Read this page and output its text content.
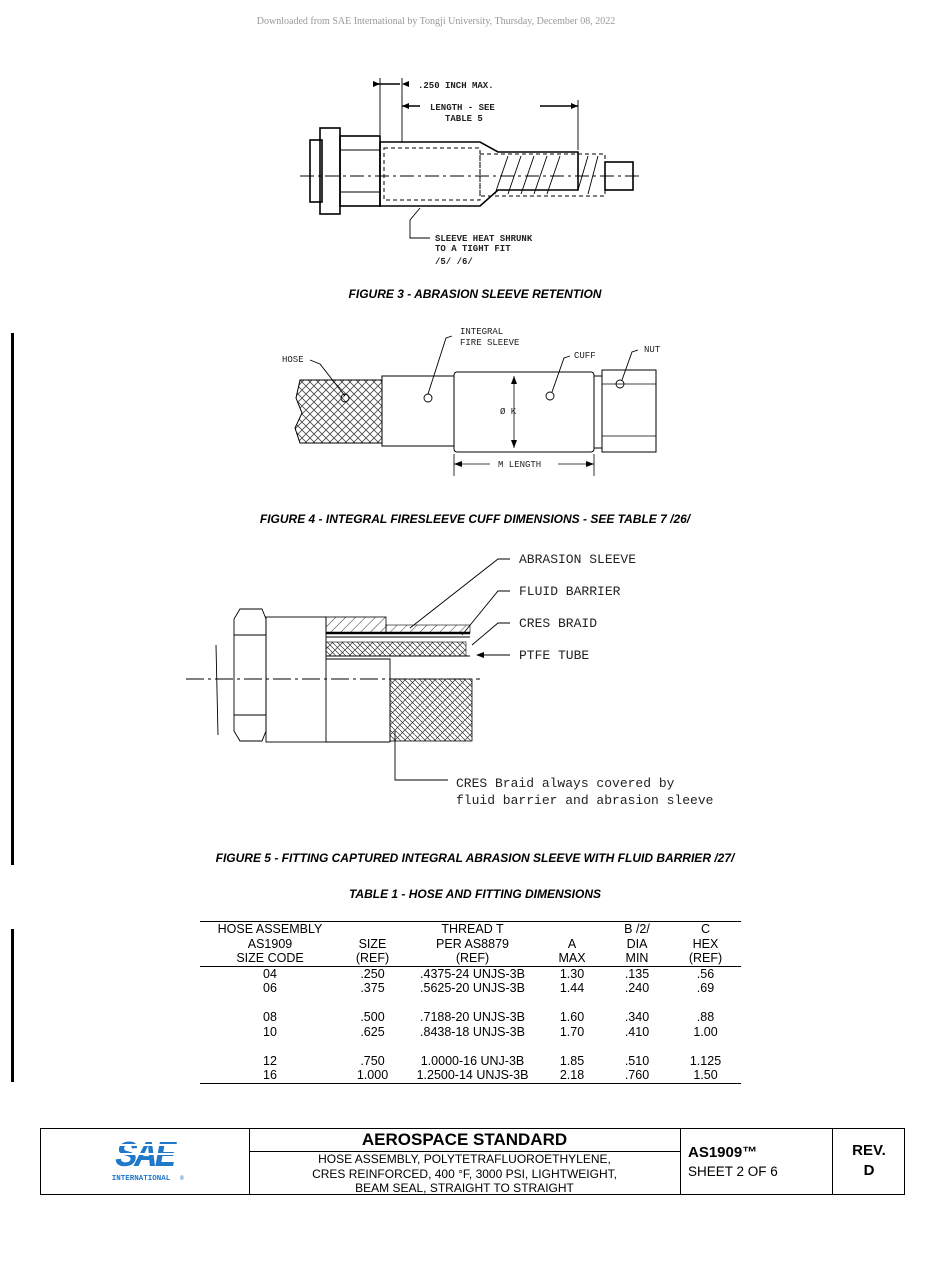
Downloaded from SAE International by Tongji University, Thursday, December 08, 2022
.250 INCH MAX.
LENGTH - SEE
TABLE 5
SLEEVE HEAT SHRUNK
TO A TIGHT FIT
/5/ /6/
FIGURE 3 - ABRASION SLEEVE RETENTION
Ø K
M LENGTH
HOSE
INTEGRAL
FIRE SLEEVE
CUFF
NUT
FIGURE 4 - INTEGRAL FIRESLEEVE CUFF DIMENSIONS - SEE TABLE 7 /26/
ABRASION SLEEVE
FLUID BARRIER
CRES BRAID
PTFE TUBE
CRES Braid always covered by
fluid barrier and abrasion sleeve
FIGURE 5 - FITTING CAPTURED INTEGRAL ABRASION SLEEVE WITH FLUID BARRIER /27/
TABLE 1 - HOSE AND FITTING DIMENSIONS
HOSE ASSEMBLY		THREAD T		B /2/	C
AS1909	SIZE	PER AS8879	A	DIA	HEX
SIZE CODE	(REF)	(REF)	MAX	MIN	(REF)
04	.250	.4375-24 UNJS-3B	1.30	.135	.56
06	.375	.5625-20 UNJS-3B	1.44	.240	.69

08	.500	.7188-20 UNJS-3B	1.60	.340	.88
10	.625	.8438-18 UNJS-3B	1.70	.410	1.00

12	.750	1.0000-16 UNJ-3B	1.85	.510	1.125
16	1.000	1.2500-14 UNJS-3B	2.18	.760	1.50
SAE
INTERNATIONAL ®
AEROSPACE STANDARD
HOSE ASSEMBLY, POLYTETRAFLUOROETHYLENE,
CRES REINFORCED, 400 °F, 3000 PSI, LIGHTWEIGHT,
BEAM SEAL, STRAIGHT TO STRAIGHT
AS1909™
SHEET 2 OF 6
REV.
D
